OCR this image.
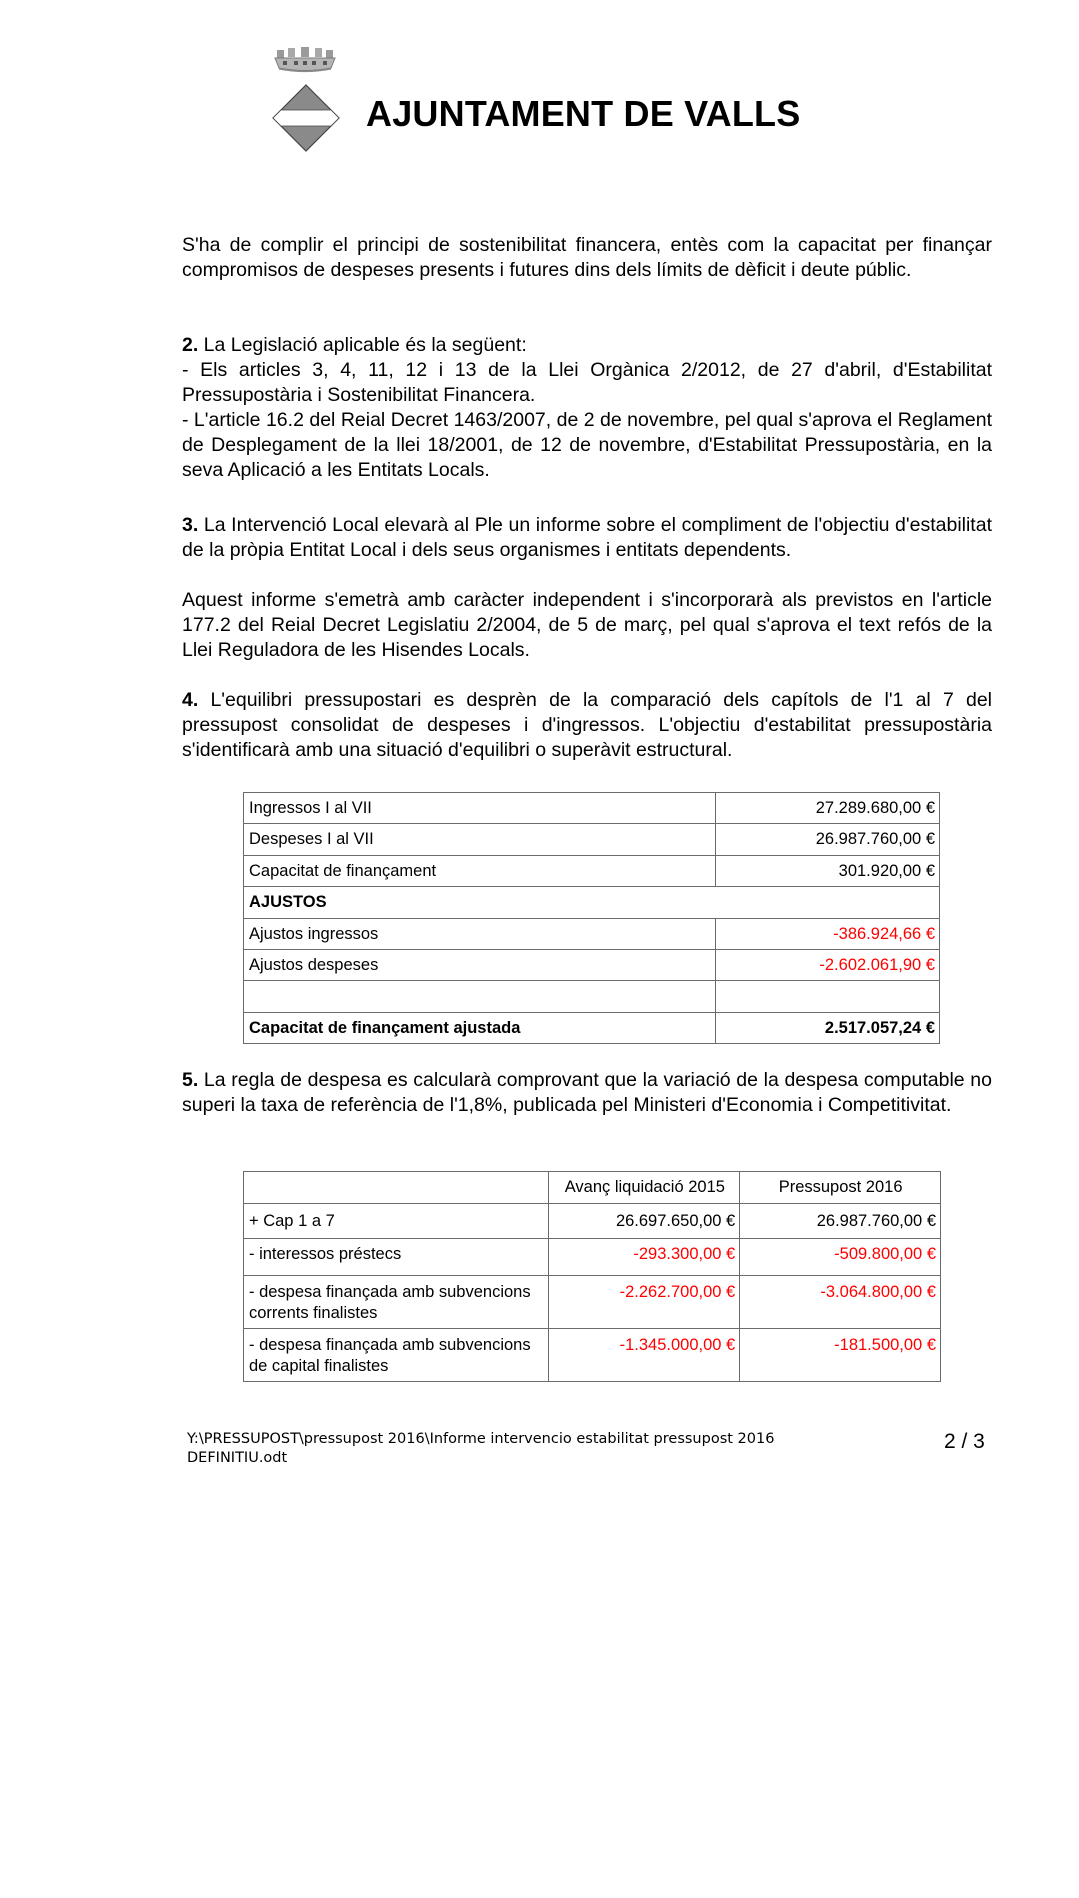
AJUNTAMENT DE VALLS

S'ha de complir el principi de sostenibilitat financera, entès com la capacitat per finançar compromisos de despeses presents i futures dins dels límits de dèficit i deute públic.

2. La Legislació aplicable és la següent:

- Els articles 3, 4, 11, 12 i 13 de la Llei Orgànica 2/2012, de 27 d'abril, d'Estabilitat Pressupostària i Sostenibilitat Financera.

- L'article 16.2 del Reial Decret 1463/2007, de 2 de novembre, pel qual s'aprova el Reglament de Desplegament de la llei 18/2001, de 12 de novembre, d'Estabilitat Pressupostària, en la seva Aplicació a les Entitats Locals.

3. La Intervenció Local elevarà al Ple un informe sobre el compliment de l'objectiu d'estabilitat de la pròpia Entitat Local i dels seus organismes i entitats dependents.

Aquest informe s'emetrà amb caràcter independent i s'incorporarà als previstos en l'article 177.2 del Reial Decret Legislatiu 2/2004, de 5 de març, pel qual s'aprova el text refós de la Llei Reguladora de les Hisendes Locals.

4. L'equilibri pressupostari es desprèn de la comparació dels capítols de l'1 al 7 del pressupost consolidat de despeses i d'ingressos. L'objectiu d'estabilitat pressupostària s'identificarà amb una situació d'equilibri o superàvit estructural.

Ingressos I al VII	27.289.680,00 €
Despeses I al VII	26.987.760,00 €
Capacitat de finançament	301.920,00 €
AJUSTOS	
Ajustos ingressos	-386.924,66 €
Ajustos despeses	-2.602.061,90 €

Capacitat de finançament ajustada	2.517.057,24 €

5. La regla de despesa es calcularà comprovant que la variació de la despesa computable no superi la taxa de referència de l'1,8%, publicada pel Ministeri d'Economia i Competitivitat.

	Avanç liquidació 2015	Pressupost 2016
+ Cap 1 a 7	26.697.650,00 €	26.987.760,00 €
- interessos préstecs	-293.300,00 €	-509.800,00 €
- despesa finançada amb subvencions corrents finalistes	-2.262.700,00 €	-3.064.800,00 €
- despesa finançada amb subvencions de capital finalistes	-1.345.000,00 €	-181.500,00 €
Y:\PRESSUPOST\pressupost 2016\Informe intervencio estabilitat pressupost 2016 DEFINITIU.odt
2 / 3
